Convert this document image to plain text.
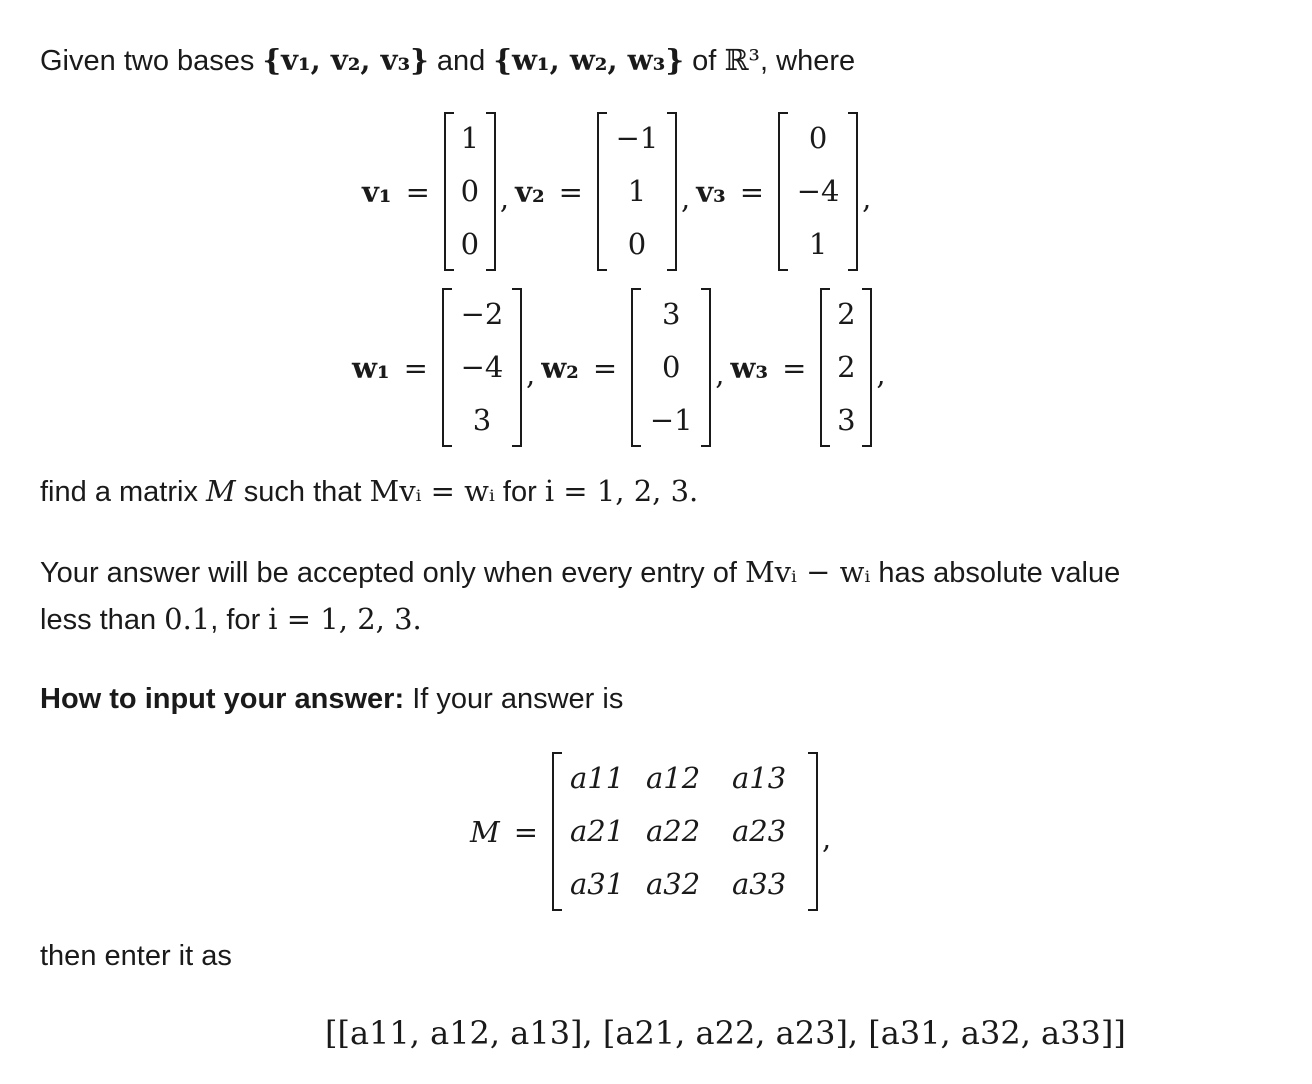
Given two bases {v₁, v₂, v₃} and {w₁, w₂, w₃} of ℝ³, where
v₁ =
1
0
0
, v₂ =
−1
1
0
, v₃ =
0
−4
1
,
w₁ =
−2
−4
3
, w₂ =
3
0
−1
, w₃ =
2
2
3
,
find a matrix M such that Mvᵢ = wᵢ for i = 1, 2, 3.
Your answer will be accepted only when every entry of Mvᵢ − wᵢ has absolute value
less than 0.1, for i = 1, 2, 3.
How to input your answer: If your answer is
M =
a11 a12	a13
a21 a22	a23
a31 a32	a33
,
then enter it as
[[a11, a12, a13], [a21, a22, a23], [a31, a32, a33]]
